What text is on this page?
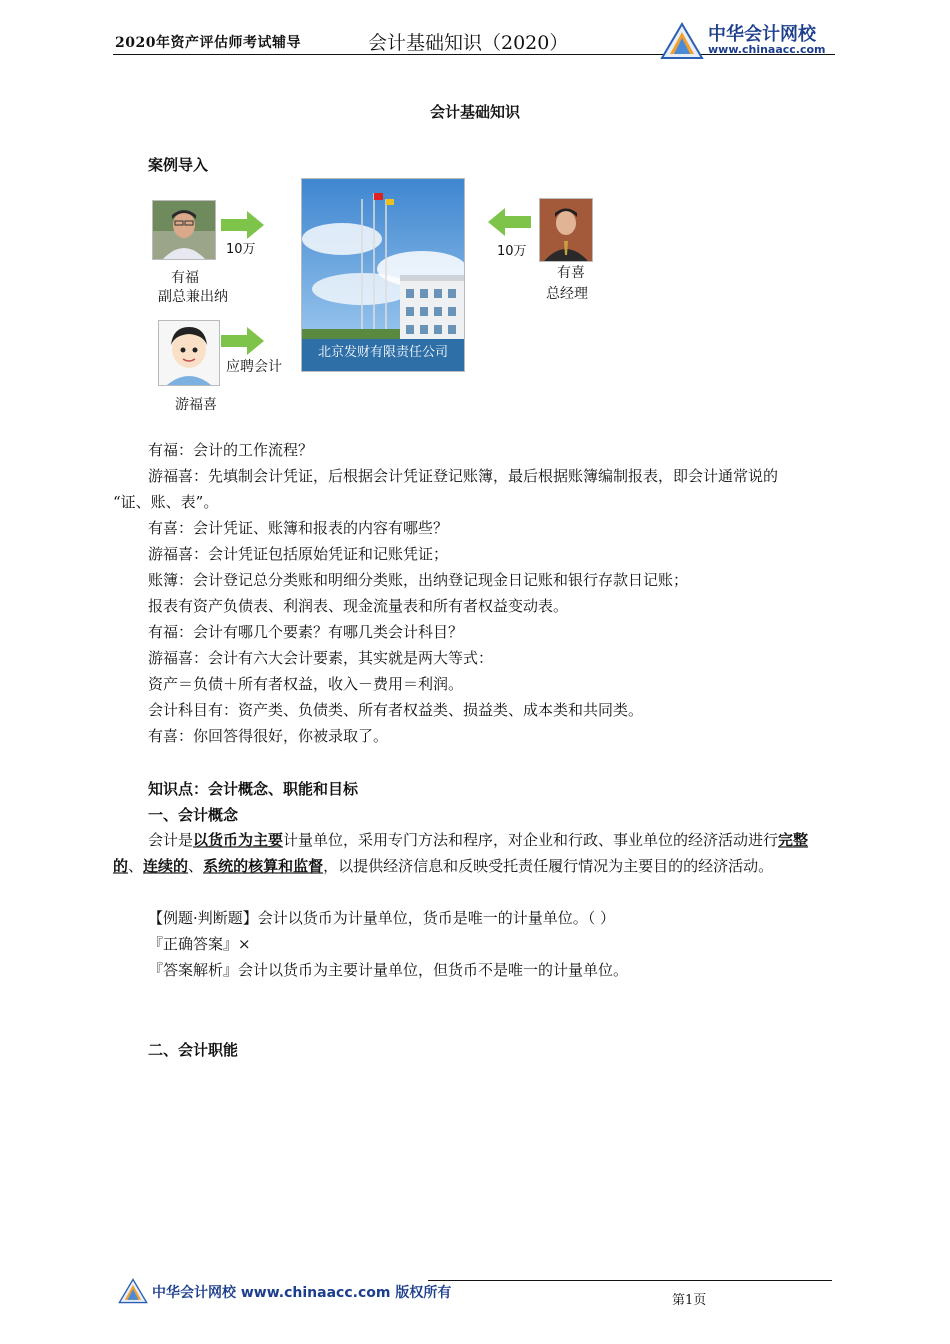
2020年资产评估师考试辅导	会计基础知识（2020）	中华会计网校
www.chinaacc.com
会计基础知识
案例导入
10万
有福
副总兼出纳
北京发财有限责任公司
10万
有喜
总经理
应聘会计
游福喜
有福：会计的工作流程？
游福喜：先填制会计凭证，后根据会计凭证登记账簿，最后根据账簿编制报表，即会计通常说的
“证、账、表”。
有喜：会计凭证、账簿和报表的内容有哪些？
游福喜：会计凭证包括原始凭证和记账凭证；
账簿：会计登记总分类账和明细分类账，出纳登记现金日记账和银行存款日记账；
报表有资产负债表、利润表、现金流量表和所有者权益变动表。
有福：会计有哪几个要素？有哪几类会计科目？
游福喜：会计有六大会计要素，其实就是两大等式：
资产＝负债＋所有者权益，收入－费用＝利润。
会计科目有：资产类、负债类、所有者权益类、损益类、成本类和共同类。
有喜：你回答得很好，你被录取了。
知识点：会计概念、职能和目标
一、会计概念
会计是以货币为主要计量单位，采用专门方法和程序，对企业和行政、事业单位的经济活动进行完整的、连续的、系统的核算和监督，以提供经济信息和反映受托责任履行情况为主要目的的经济活动。
【例题·判断题】会计以货币为计量单位，货币是唯一的计量单位。（ ）
『正确答案』×
『答案解析』会计以货币为主要计量单位，但货币不是唯一的计量单位。
二、会计职能
中华会计网校 www.chinaacc.com 版权所有	第1页
